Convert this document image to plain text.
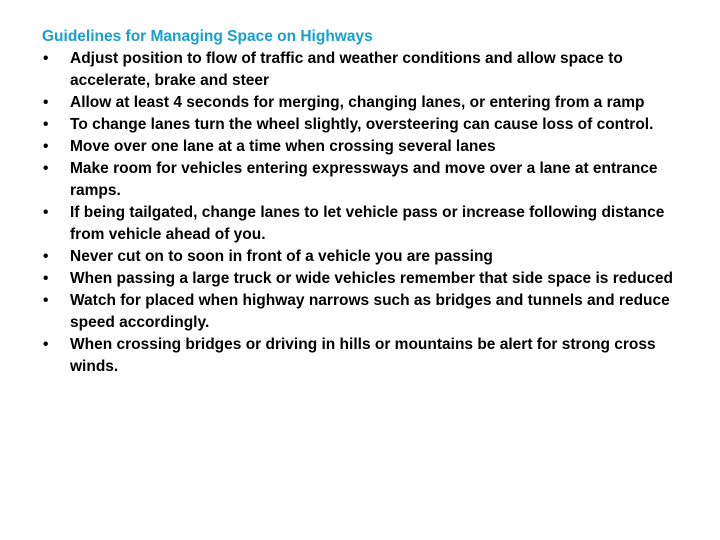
Guidelines for Managing Space on Highways
• Adjust position to flow of traffic and weather conditions and allow space to accelerate, brake and steer
• Allow at least 4 seconds for merging, changing lanes, or entering from a ramp
• To change lanes turn the wheel slightly, oversteering can cause loss of control.
• Move over one lane at a time when crossing several lanes
• Make room for vehicles entering expressways and move over a lane at entrance ramps.
• If being tailgated, change lanes to let vehicle pass or increase following distance from vehicle ahead of you.
• Never cut on to soon in front of a vehicle you are passing
• When passing a large truck or wide vehicles remember that side space is reduced
• Watch for placed when highway narrows such as bridges and tunnels and reduce speed accordingly.
• When crossing bridges or driving in hills or mountains be alert for strong cross winds.
